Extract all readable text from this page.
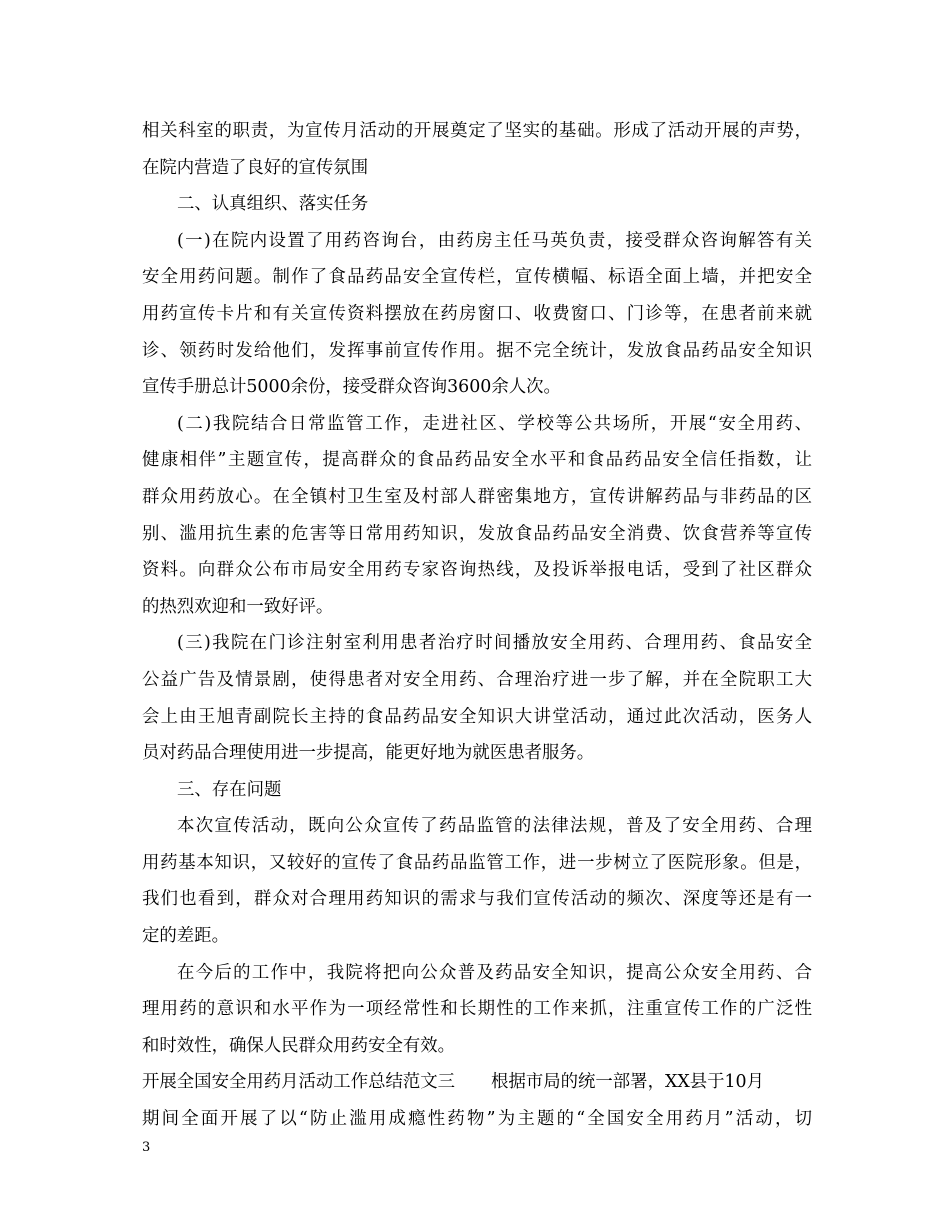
相关科室的职责，为宣传月活动的开展奠定了坚实的基础。形成了活动开展的声势，
在院内营造了良好的宣传氛围
二、认真组织、落实任务
(一)在院内设置了用药咨询台，由药房主任马英负责，接受群众咨询解答有关
安全用药问题。制作了食品药品安全宣传栏，宣传横幅、标语全面上墙，并把安全
用药宣传卡片和有关宣传资料摆放在药房窗口、收费窗口、门诊等，在患者前来就
诊、领药时发给他们，发挥事前宣传作用。据不完全统计，发放食品药品安全知识
宣传手册总计5000余份，接受群众咨询3600余人次。
(二)我院结合日常监管工作，走进社区、学校等公共场所，开展“安全用药、
健康相伴”主题宣传，提高群众的食品药品安全水平和食品药品安全信任指数，让
群众用药放心。在全镇村卫生室及村部人群密集地方，宣传讲解药品与非药品的区
别、滥用抗生素的危害等日常用药知识，发放食品药品安全消费、饮食营养等宣传
资料。向群众公布市局安全用药专家咨询热线，及投诉举报电话，受到了社区群众
的热烈欢迎和一致好评。
(三)我院在门诊注射室利用患者治疗时间播放安全用药、合理用药、食品安全
公益广告及情景剧，使得患者对安全用药、合理治疗进一步了解，并在全院职工大
会上由王旭青副院长主持的食品药品安全知识大讲堂活动，通过此次活动，医务人
员对药品合理使用进一步提高，能更好地为就医患者服务。
三、存在问题
本次宣传活动，既向公众宣传了药品监管的法律法规，普及了安全用药、合理
用药基本知识，又较好的宣传了食品药品监管工作，进一步树立了医院形象。但是，
我们也看到，群众对合理用药知识的需求与我们宣传活动的频次、深度等还是有一
定的差距。
在今后的工作中，我院将把向公众普及药品安全知识，提高公众安全用药、合
理用药的意识和水平作为一项经常性和长期性的工作来抓，注重宣传工作的广泛性
和时效性，确保人民群众用药安全有效。
开展全国安全用药月活动工作总结范文三 根据市局的统一部署，XX县于10月
期间全面开展了以“防止滥用成瘾性药物”为主题的“全国安全用药月”活动，切
3
